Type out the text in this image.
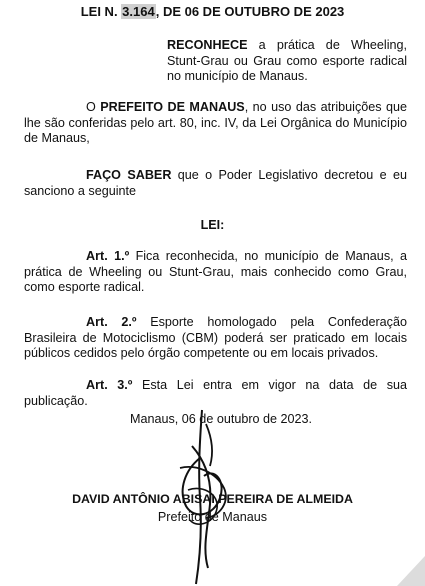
LEI N. 3.164, DE 06 DE OUTUBRO DE 2023
RECONHECE a prática de Wheeling, Stunt-Grau ou Grau como esporte radical no município de Manaus.
O PREFEITO DE MANAUS, no uso das atribuições que lhe são conferidas pelo art. 80, inc. IV, da Lei Orgânica do Município de Manaus,
FAÇO SABER que o Poder Legislativo decretou e eu sanciono a seguinte
LEI:
Art. 1.º Fica reconhecida, no município de Manaus, a prática de Wheeling ou Stunt-Grau, mais conhecido como Grau, como esporte radical.
Art. 2.º Esporte homologado pela Confederação Brasileira de Motociclismo (CBM) poderá ser praticado em locais públicos cedidos pelo órgão competente ou em locais privados.
Art. 3.º Esta Lei entra em vigor na data de sua publicação.
Manaus, 06 de outubro de 2023.
DAVID ANTÔNIO ABISAI PEREIRA DE ALMEIDA
Prefeito de Manaus
